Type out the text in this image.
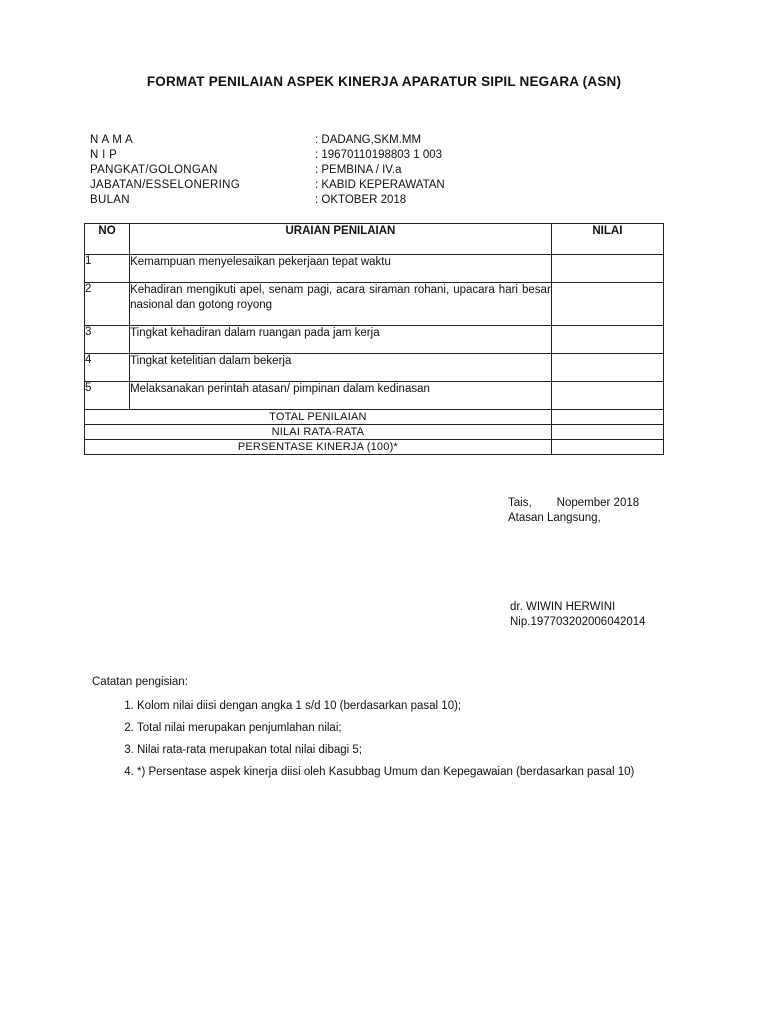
FORMAT PENILAIAN ASPEK KINERJA APARATUR SIPIL NEGARA (ASN)
N A M A	: DADANG,SKM.MM
N I P	: 19670110198803 1 003
PANGKAT/GOLONGAN	: PEMBINA / IV.a
JABATAN/ESSELONERING	: KABID KEPERAWATAN
BULAN	: OKTOBER 2018
NO	URAIAN PENILAIAN	NILAI
1	Kemampuan menyelesaikan pekerjaan tepat waktu	
2	Kehadiran mengikuti apel, senam pagi, acara siraman rohani, upacara hari besar nasional dan gotong royong	
3	Tingkat kehadiran dalam ruangan pada jam kerja	
4	Tingkat ketelitian dalam bekerja	
5	Melaksanakan perintah atasan/ pimpinan dalam kedinasan	
TOTAL PENILAIAN		
NILAI RATA-RATA		
PERSENTASE KINERJA (100)*		
Tais, Nopember 2018
Atasan Langsung,
dr. WIWIN HERWINI
Nip.197703202006042014
Catatan pengisian:
1. Kolom nilai diisi dengan angka 1 s/d 10 (berdasarkan pasal 10);
2. Total nilai merupakan penjumlahan nilai;
3. Nilai rata-rata merupakan total nilai dibagi 5;
4. *) Persentase aspek kinerja diisi oleh Kasubbag Umum dan Kepegawaian (berdasarkan pasal 10)
